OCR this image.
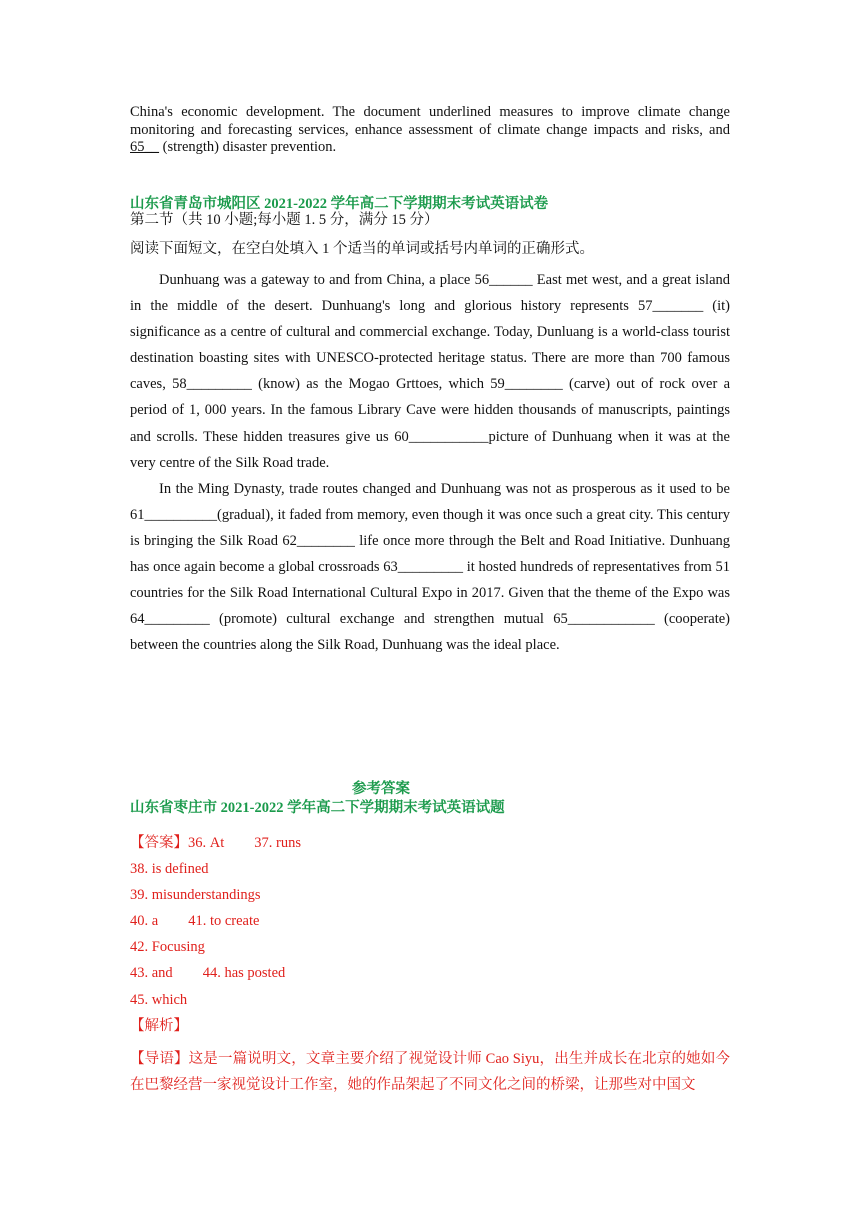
China's economic development. The document underlined measures to improve climate change monitoring and forecasting services, enhance assessment of climate change impacts and risks, and 65__ (strength) disaster prevention.
山东省青岛市城阳区 2021-2022 学年高二下学期期末考试英语试卷
第二节（共 10 小题;每小题 1. 5 分，满分 15 分）
阅读下面短文，在空白处填入 1 个适当的单词或括号内单词的正确形式。

Dunhuang was a gateway to and from China, a place 56______ East met west, and a great island in the middle of the desert. Dunhuang's long and glorious history represents 57_______ (it) significance as a centre of cultural and commercial exchange. Today, Dunluang is a world-class tourist destination boasting sites with UNESCO-protected heritage status. There are more than 700 famous caves, 58_________ (know) as the Mogao Grttoes, which 59________ (carve) out of rock over a period of 1, 000 years. In the famous Library Cave were hidden thousands of manuscripts, paintings and scrolls. These hidden treasures give us 60___________picture of Dunhuang when it was at the very centre of the Silk Road trade.

In the Ming Dynasty, trade routes changed and Dunhuang was not as prosperous as it used to be 61__________(gradual), it faded from memory, even though it was once such a great city. This century is bringing the Silk Road 62________ life once more through the Belt and Road Initiative. Dunhuang has once again become a global crossroads 63_________ it hosted hundreds of representatives from 51 countries for the Silk Road International Cultural Expo in 2017. Given that the theme of the Expo was 64_________ (promote) cultural exchange and strengthen mutual 65____________ (cooperate) between the countries along the Silk Road, Dunhuang was the ideal place.

参考答案
山东省枣庄市 2021-2022 学年高二下学期期末考试英语试题
【答案】36. At 37. runs
38. is defined
39. misunderstandings
40. a 41. to create
42. Focusing
43. and 44. has posted
45. which
【解析】
【导语】这是一篇说明文，文章主要介绍了视觉设计师 Cao Siyu，出生并成长在北京的她如今在巴黎经营一家视觉设计工作室，她的作品架起了不同文化之间的桥梁，让那些对中国文
